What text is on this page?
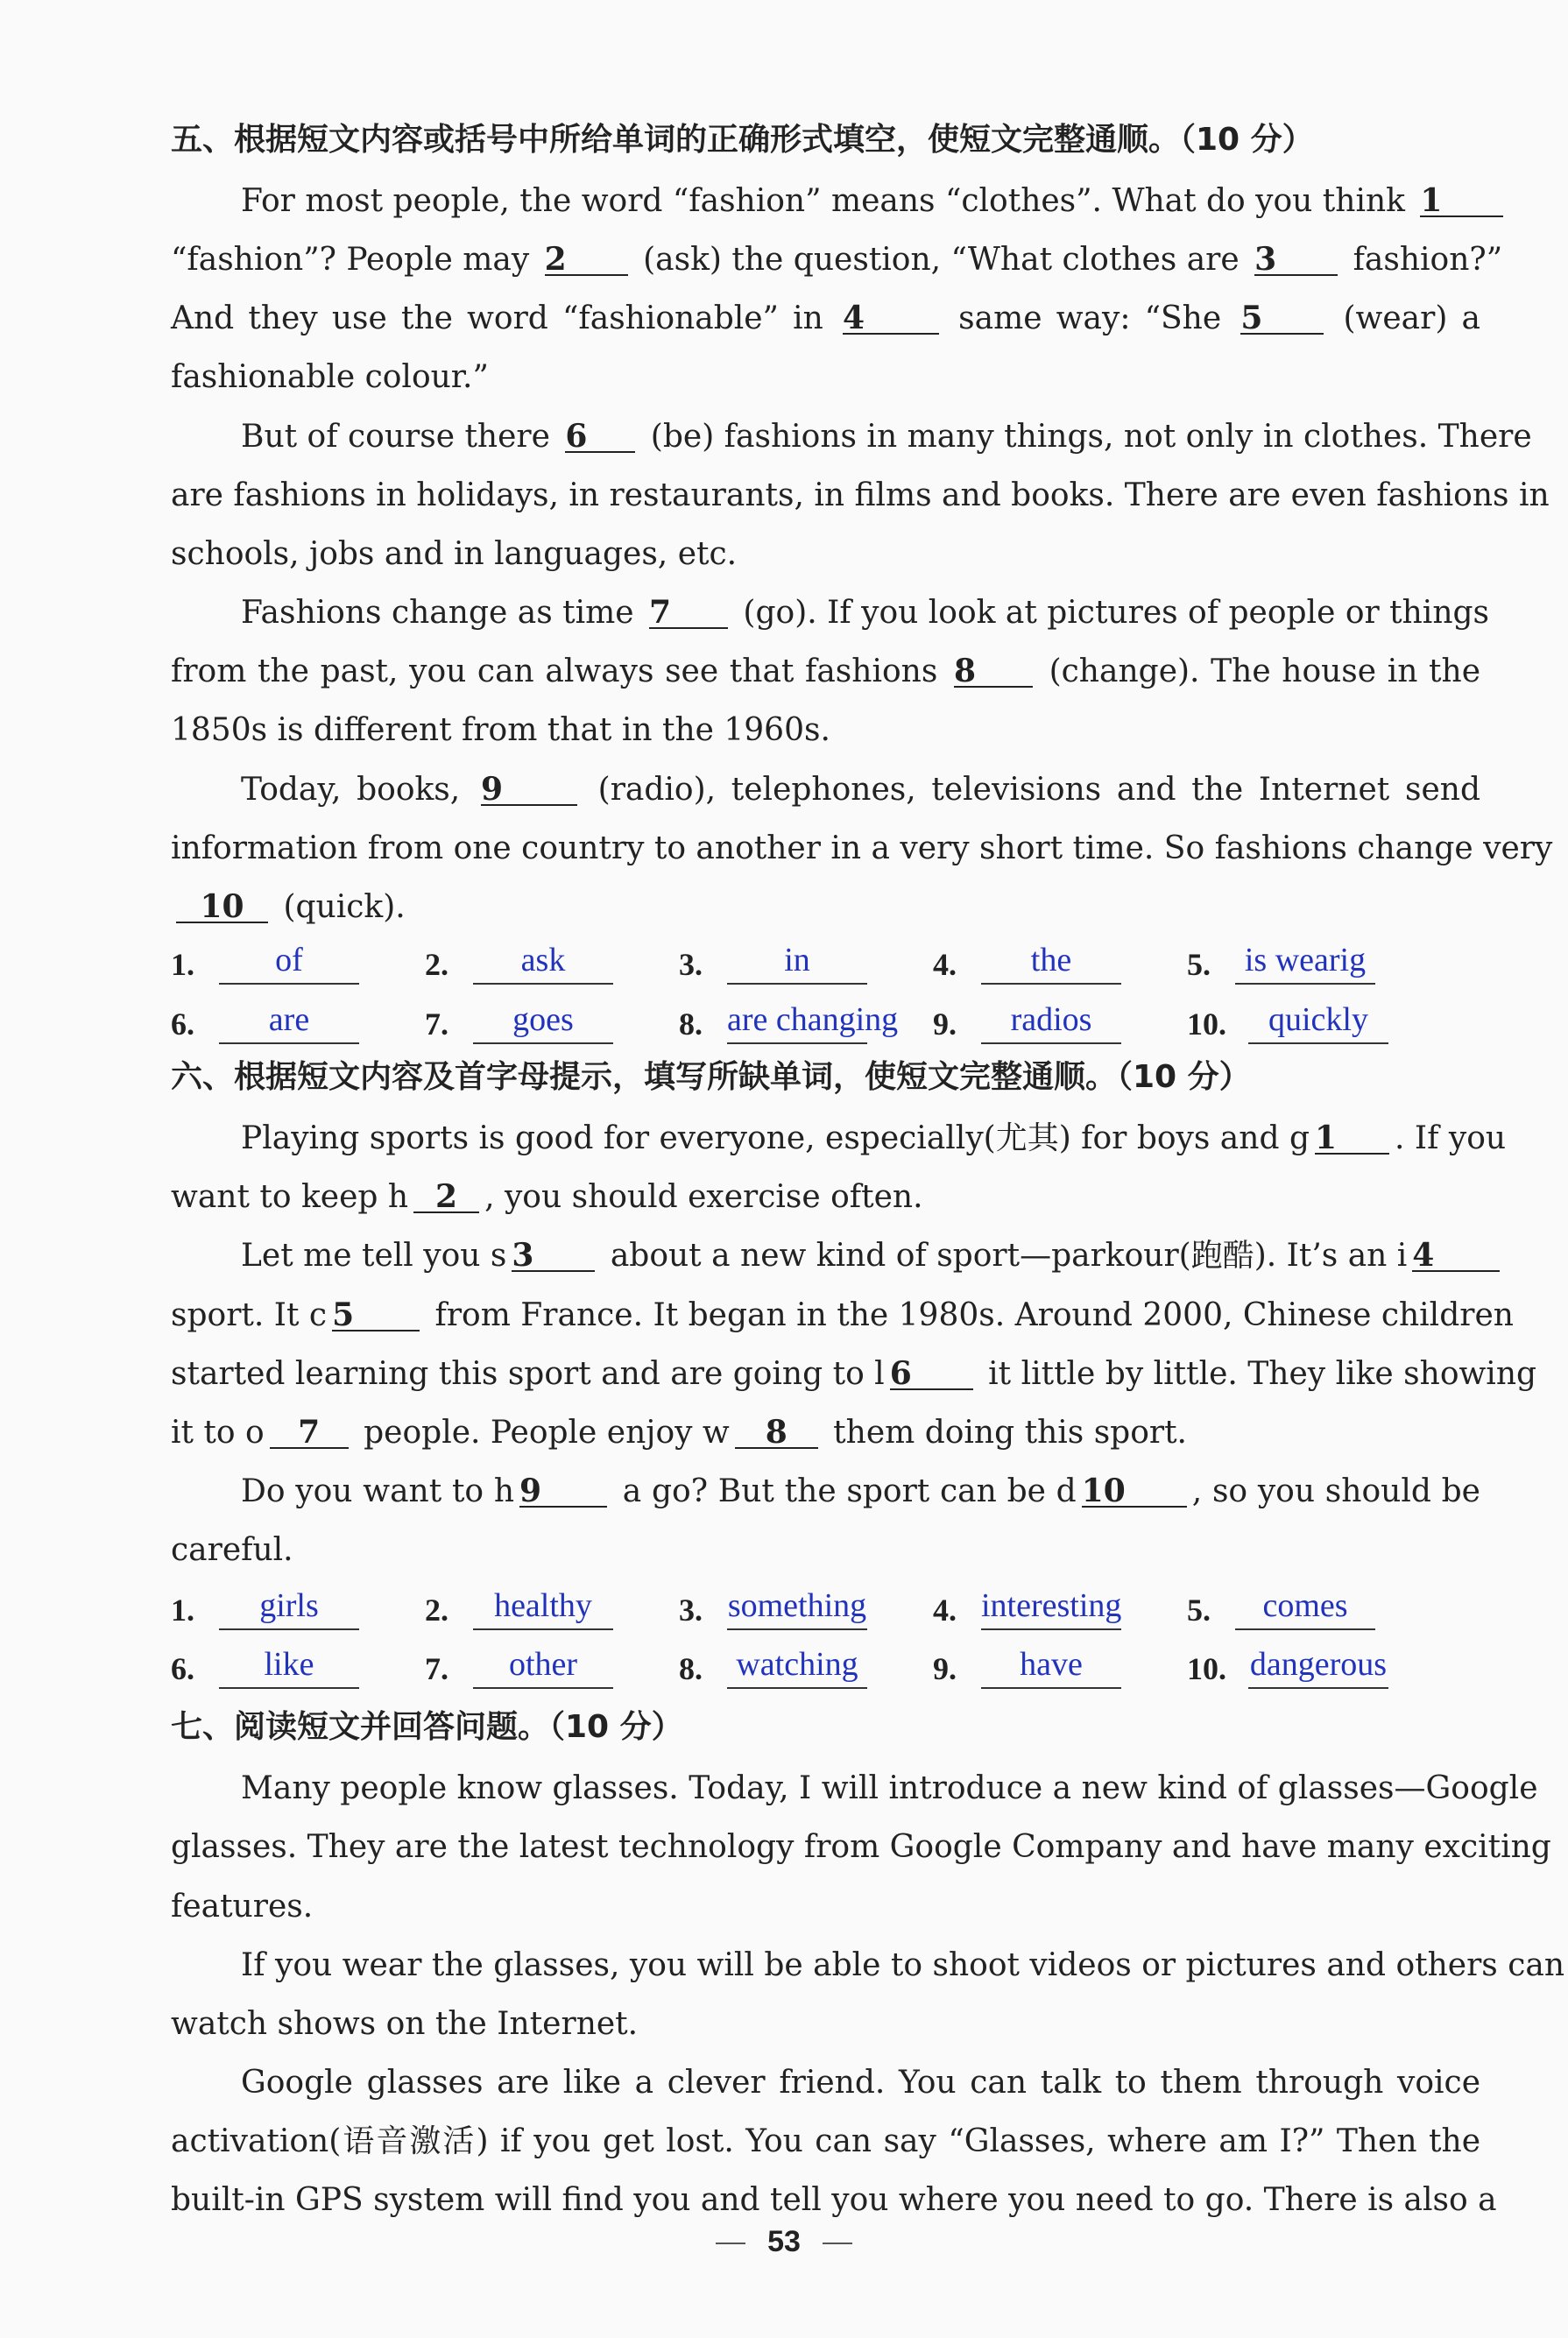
五、根据短文内容或括号中所给单词的正确形式填空，使短文完整通顺。（10 分）
For most people, the word “fashion” means “clothes”. What do you think 1
“fashion”? People may 2 (ask) the question, “What clothes are 3 fashion?”
And they use the word “fashionable” in 4	same way: “She 5 (wear) a
fashionable colour.”
But of course there 6 (be) fashions in many things, not only in clothes. There
are fashions in holidays, in restaurants, in films and books. There are even fashions in
schools, jobs and in languages, etc.
Fashions change as time 7 (go). If you look at pictures of people or things
from the past, you can always see that fashions 8 (change). The house in the
1850s is different from that in the 1960s.
Today, books, 9	(radio), telephones, televisions and the Internet send
information from one country to another in a very short time. So fashions change very
10 (quick).
1.	of	2.	ask	3.	in	4.	the	5. is wearig
6.	are	7.	goes	8. are changing 9.	radios	10.	quickly
六、根据短文内容及首字母提示，填写所缺单词，使短文完整通顺。（10 分）
Playing sports is good for everyone, especially(尤其) for boys and g 1 . If you
want to keep h 2 , you should exercise often.
Let me tell you s 3 about a new kind of sport—parkour(跑酷). It’s an i 4
sport. It c 5 from France. It began in the 1980s. Around 2000, Chinese children
started learning this sport and are going to l 6 it little by little. They like showing
it to o 7 people. People enjoy w 8 them doing this sport.
Do you want to h 9 a go? But the sport can be d 10 , so you should be
careful.
1.	girls	2.	healthy	3. something 4. interesting 5.	comes
6.	like	7.	other	8. watching 9.	have	10. dangerous
七、阅读短文并回答问题。（10 分）
Many people know glasses. Today, I will introduce a new kind of glasses—Google
glasses. They are the latest technology from Google Company and have many exciting
features.
If you wear the glasses, you will be able to shoot videos or pictures and others can
watch shows on the Internet.
Google glasses are like a clever friend. You can talk to them through voice
activation(语音激活) if you get lost. You can say “Glasses, where am I?” Then the
built-in GPS system will find you and tell you where you need to go. There is also a
53
